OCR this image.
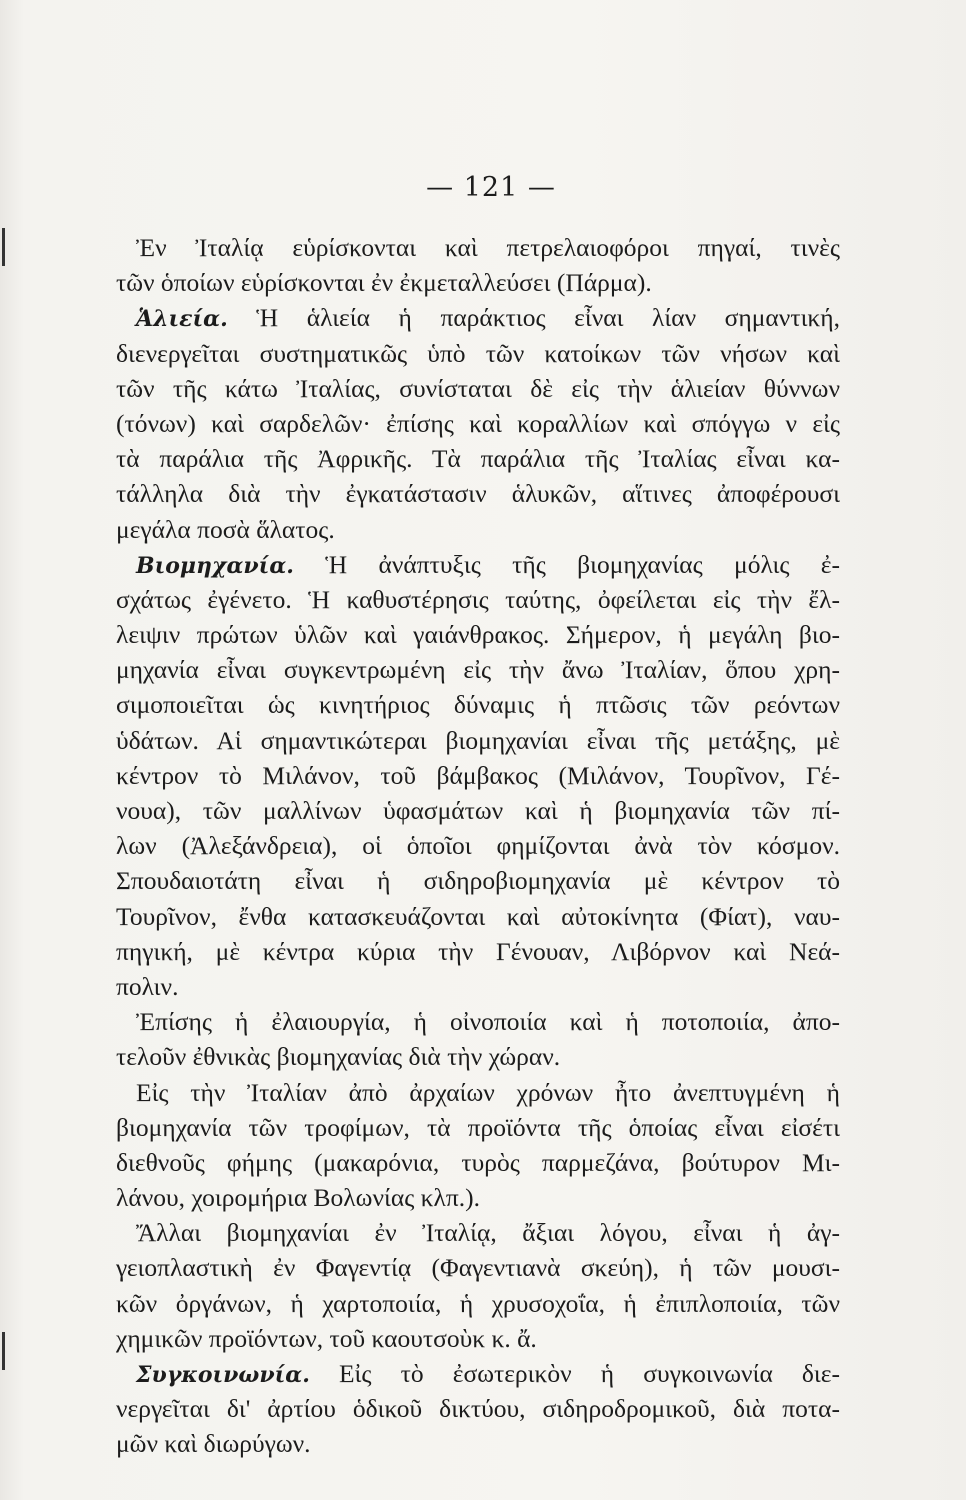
— 121 —
Ἐν Ἰταλίᾳ εὑρίσκονται καὶ πετρελαιοφόροι πηγαί, τινὲς
τῶν ὁποίων εὑρίσκονται ἐν ἐκμεταλλεύσει (Πάρμα).
Ἁλιεία. Ἡ ἁλιεία ἡ παράκτιος εἶναι λίαν σημαντική,
διενεργεῖται συστηματικῶς ὑπὸ τῶν κατοίκων τῶν νήσων καὶ
τῶν τῆς κάτω Ἰταλίας, συνίσταται δὲ εἰς τὴν ἁλιείαν θύννων
(τόνων) καὶ σαρδελῶν· ἐπίσης καὶ κοραλλίων καὶ σπόγγω ν εἰς
τὰ παράλια τῆς Ἀφρικῆς. Τὰ παράλια τῆς Ἰταλίας εἶναι κα-
τάλληλα διὰ τὴν ἐγκατάστασιν ἁλυκῶν, αἵτινες ἀποφέρουσι
μεγάλα ποσὰ ἅλατος.
Βιομηχανία. Ἡ ἀνάπτυξις τῆς βιομηχανίας μόλις ἐ-
σχάτως ἐγένετο. Ἡ καθυστέρησις ταύτης, ὀφείλεται εἰς τὴν ἔλ-
λειψιν πρώτων ὑλῶν καὶ γαιάνθρακος. Σήμερον, ἡ μεγάλη βιο-
μηχανία εἶναι συγκεντρωμένη εἰς τὴν ἄνω Ἰταλίαν, ὅπου χρη-
σιμοποιεῖται ὡς κινητήριος δύναμις ἡ πτῶσις τῶν ρεόντων
ὑδάτων. Αἱ σημαντικώτεραι βιομηχανίαι εἶναι τῆς μετάξης, μὲ
κέντρον τὸ Μιλάνον, τοῦ βάμβακος (Μιλάνον, Τουρῖνον, Γέ-
νουα), τῶν μαλλίνων ὑφασμάτων καὶ ἡ βιομηχανία τῶν πί-
λων (Ἀλεξάνδρεια), οἱ ὁποῖοι φημίζονται ἀνὰ τὸν κόσμον.
Σπουδαιοτάτη εἶναι ἡ σιδηροβιομηχανία μὲ κέντρον τὸ
Τουρῖνον, ἔνθα κατασκευάζονται καὶ αὐτοκίνητα (Φίατ), ναυ-
πηγική, μὲ κέντρα κύρια τὴν Γένουαν, Λιβόρνον καὶ Νεά-
πολιν.
Ἐπίσης ἡ ἐλαιουργία, ἡ οἰνοποιία καὶ ἡ ποτοποιία, ἀπο-
τελοῦν ἐθνικὰς βιομηχανίας διὰ τὴν χώραν.
Εἰς τὴν Ἰταλίαν ἀπὸ ἀρχαίων χρόνων ἦτο ἀνεπτυγμένη ἡ
βιομηχανία τῶν τροφίμων, τὰ προϊόντα τῆς ὁποίας εἶναι εἰσέτι
διεθνοῦς φήμης (μακαρόνια, τυρὸς παρμεζάνα, βούτυρον Μι-
λάνου, χοιρομήρια Βολωνίας κλπ.).
Ἄλλαι βιομηχανίαι ἐν Ἰταλίᾳ, ἄξιαι λόγου, εἶναι ἡ ἀγ-
γειοπλαστικὴ ἐν Φαγεντίᾳ (Φαγεντιανὰ σκεύη), ἡ τῶν μουσι-
κῶν ὀργάνων, ἡ χαρτοποιία, ἡ χρυσοχοΐα, ἡ ἐπιπλοποιία, τῶν
χημικῶν προϊόντων, τοῦ καουτσοὺκ κ. ἄ.
Συγκοινωνία. Εἰς τὸ ἐσωτερικὸν ἡ συγκοινωνία διε-
νεργεῖται δι' ἀρτίου ὁδικοῦ δικτύου, σιδηροδρομικοῦ, διὰ ποτα-
μῶν καὶ διωρύγων.
